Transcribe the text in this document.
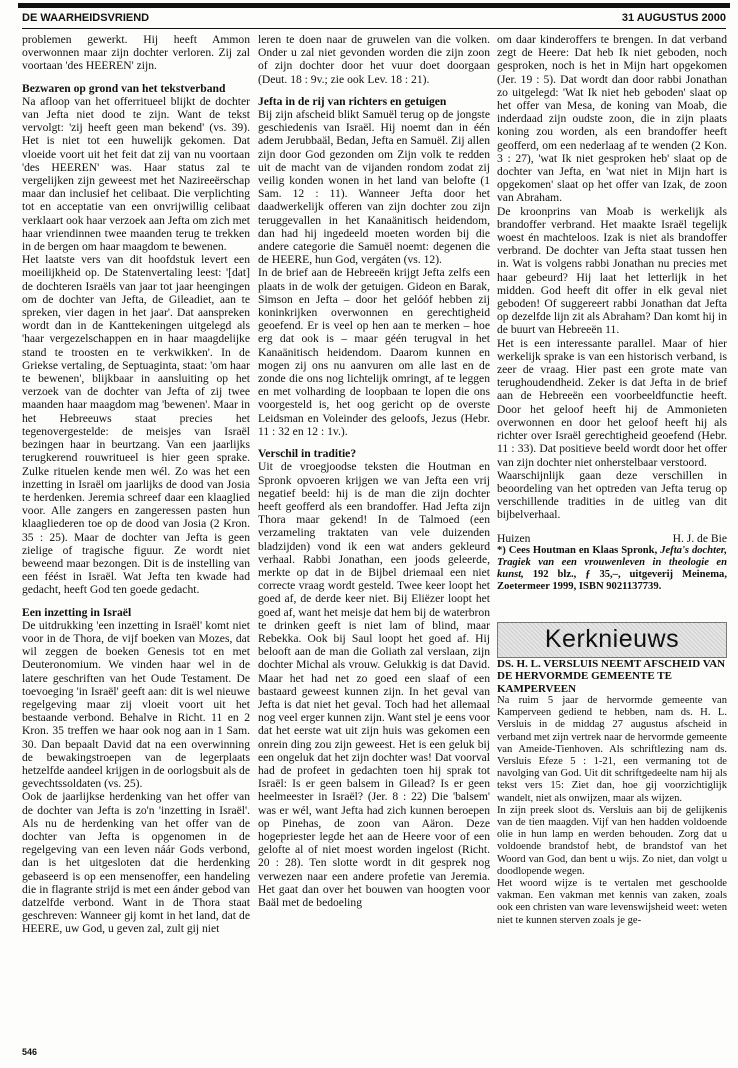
DE WAARHEIDSVRIEND	31 AUGUSTUS 2000

problemen gewerkt. Hij heeft Ammon overwonnen maar zijn dochter verloren. Zij zal voortaan 'des HEEREN' zijn.

Bezwaren op grond van het tekstverband

Na afloop van het offerritueel blijkt de dochter van Jefta niet dood te zijn. Want de tekst vervolgt: 'zij heeft geen man bekend' (vs. 39). Het is niet tot een huwelijk gekomen. Dat vloeide voort uit het feit dat zij van nu voortaan 'des HEEREN' was. Haar status zal te vergelijken zijn geweest met het Nazireeërschap maar dan inclusief het celibaat. Die verplichting tot en acceptatie van een onvrijwillig celibaat verklaart ook haar verzoek aan Jefta om zich met haar vriendinnen twee maanden terug te trekken in de bergen om haar maagdom te bewenen.

Het laatste vers van dit hoofdstuk levert een moeilijkheid op. De Statenvertaling leest: '[dat] de dochteren Israëls van jaar tot jaar heengingen om de dochter van Jefta, de Gileadiet, aan te spreken, vier dagen in het jaar'. Dat aanspreken wordt dan in de Kanttekeningen uitgelegd als 'haar vergezelschappen en in haar maagdelijke stand te troosten en te verkwikken'. In de Griekse vertaling, de Septuaginta, staat: 'om haar te bewenen', blijkbaar in aansluiting op het verzoek van de dochter van Jefta of zij twee maanden haar maagdom mag 'bewenen'. Maar in het Hebreeuws staat precies het tegenovergestelde: de meisjes van Israël bezingen haar in beurtzang. Van een jaarlijks terugkerend rouwritueel is hier geen sprake. Zulke rituelen kende men wél. Zo was het een inzetting in Israël om jaarlijks de dood van Josia te herdenken. Jeremia schreef daar een klaaglied voor. Alle zangers en zangeressen pasten hun klaagliederen toe op de dood van Josia (2 Kron. 35 : 25). Maar de dochter van Jefta is geen zielige of tragische figuur. Ze wordt niet beweend maar bezongen. Dit is de instelling van een féést in Israël. Wat Jefta ten kwade had gedacht, heeft God ten goede gedacht.

Een inzetting in Israël

De uitdrukking 'een inzetting in Israël' komt niet voor in de Thora, de vijf boeken van Mozes, dat wil zeggen de boeken Genesis tot en met Deuteronomium. We vinden haar wel in de latere geschriften van het Oude Testament. De toevoeging 'in Israël' geeft aan: dit is wel nieuwe regelgeving maar zij vloeit voort uit het bestaande verbond. Behalve in Richt. 11 en 2 Kron. 35 treffen we haar ook nog aan in 1 Sam. 30. Dan bepaalt David dat na een overwinning de bewakingstroepen van de legerplaats hetzelfde aandeel krijgen in de oorlogsbuit als de gevechtssoldaten (vs. 25).

Ook de jaarlijkse herdenking van het offer van de dochter van Jefta is zo'n 'inzetting in Israël'. Als nu de herdenking van het offer van de dochter van Jefta is opgenomen in de regelgeving van een leven náár Gods verbond, dan is het uitgesloten dat die herdenking gebaseerd is op een mensenoffer, een handeling die in flagrante strijd is met een ánder gebod van datzelfde verbond. Want in de Thora staat geschreven: Wanneer gij komt in het land, dat de HEERE, uw God, u geven zal, zult gij niet

leren te doen naar de gruwelen van die volken. Onder u zal niet gevonden worden die zijn zoon of zijn dochter door het vuur doet doorgaan (Deut. 18 : 9v.; zie ook Lev. 18 : 21).

Jefta in de rij van richters en getuigen

Bij zijn afscheid blikt Samuël terug op de jongste geschiedenis van Israël. Hij noemt dan in één adem Jerubbaäl, Bedan, Jefta en Samuël. Zij allen zijn door God gezonden om Zijn volk te redden uit de macht van de vijanden rondom zodat zij veilig konden wonen in het land van belofte (1 Sam. 12 : 11). Wanneer Jefta door het daadwerkelijk offeren van zijn dochter zou zijn teruggevallen in het Kanaänitisch heidendom, dan had hij ingedeeld moeten worden bij die andere categorie die Samuël noemt: degenen die de HEERE, hun God, vergáten (vs. 12).

In de brief aan de Hebreeën krijgt Jefta zelfs een plaats in de wolk der getuigen. Gideon en Barak, Simson en Jefta – door het gelóóf hebben zij koninkrijken overwonnen en gerechtigheid geoefend. Er is veel op hen aan te merken – hoe erg dat ook is – maar géén terugval in het Kanaänitisch heidendom. Daarom kunnen en mogen zij ons nu aanvuren om alle last en de zonde die ons nog lichtelijk omringt, af te leggen en met volharding de loopbaan te lopen die ons voorgesteld is, het oog gericht op de overste Leidsman en Voleinder des geloofs, Jezus (Hebr. 11 : 32 en 12 : 1v.).

Verschil in traditie?

Uit de vroegjoodse teksten die Houtman en Spronk opvoeren krijgen we van Jefta een vrij negatief beeld: hij is de man die zijn dochter heeft geofferd als een brandoffer. Had Jefta zijn Thora maar gekend! In de Talmoed (een verzameling traktaten van vele duizenden bladzijden) vond ik een wat anders gekleurd verhaal. Rabbi Jonathan, een joods geleerde, merkte op dat in de Bijbel driemaal een niet correcte vraag wordt gesteld. Twee keer loopt het goed af, de derde keer niet. Bij Eliëzer loopt het goed af, want het meisje dat hem bij de waterbron te drinken geeft is niet lam of blind, maar Rebekka. Ook bij Saul loopt het goed af. Hij belooft aan de man die Goliath zal verslaan, zijn dochter Michal als vrouw. Gelukkig is dat David. Maar het had net zo goed een slaaf of een bastaard geweest kunnen zijn. In het geval van Jefta is dat niet het geval. Toch had het allemaal nog veel erger kunnen zijn. Want stel je eens voor dat het eerste wat uit zijn huis was gekomen een onrein ding zou zijn geweest. Het is een geluk bij een ongeluk dat het zijn dochter was! Dat voorval had de profeet in gedachten toen hij sprak tot Israël: Is er geen balsem in Gilead? Is er geen heelmeester in Israël? (Jer. 8 : 22) Die 'balsem' was er wél, want Jefta had zich kunnen beroepen op Pinehas, de zoon van Aäron. Deze hogepriester legde het aan de Heere voor of een gelofte al of niet moest worden ingelost (Richt. 20 : 28). Ten slotte wordt in dit gesprek nog verwezen naar een andere profetie van Jeremia. Het gaat dan over het bouwen van hoogten voor Baäl met de bedoeling

om daar kinderoffers te brengen. In dat verband zegt de Heere: Dat heb Ik niet geboden, noch gesproken, noch is het in Mijn hart opgekomen (Jer. 19 : 5). Dat wordt dan door rabbi Jonathan zo uitgelegd: 'Wat Ik niet heb geboden' slaat op het offer van Mesa, de koning van Moab, die inderdaad zijn oudste zoon, die in zijn plaats koning zou worden, als een brandoffer heeft geofferd, om een nederlaag af te wenden (2 Kon. 3 : 27), 'wat Ik niet gesproken heb' slaat op de dochter van Jefta, en 'wat niet in Mijn hart is opgekomen' slaat op het offer van Izak, de zoon van Abraham.

De kroonprins van Moab is werkelijk als brandoffer verbrand. Het maakte Israël tegelijk woest én machteloos. Izak is niet als brandoffer verbrand. De dochter van Jefta staat tussen hen in. Wat is volgens rabbi Jonathan nu precies met haar gebeurd? Hij laat het letterlijk in het midden. God heeft dit offer in elk geval niet geboden! Of suggereert rabbi Jonathan dat Jefta op dezelfde lijn zit als Abraham? Dan komt hij in de buurt van Hebreeën 11.

Het is een interessante parallel. Maar of hier werkelijk sprake is van een historisch verband, is zeer de vraag. Hier past een grote mate van terughoudendheid. Zeker is dat Jefta in de brief aan de Hebreeën een voorbeeldfunctie heeft. Door het geloof heeft hij de Ammonieten overwonnen en door het geloof heeft hij als richter over Israël gerechtigheid geoefend (Hebr. 11 : 33). Dat positieve beeld wordt door het offer van zijn dochter niet onherstelbaar verstoord.

Waarschijnlijk gaan deze verschillen in beoordeling van het optreden van Jefta terug op verschillende tradities in de uitleg van dit bijbelverhaal.

Huizen	H. J. de Bie

*) Cees Houtman en Klaas Spronk, Jefta's dochter, Tragiek van een vrouwenleven in theologie en kunst, 192 blz., ƒ 35,–, uitgeverij Meinema, Zoetermeer 1999, ISBN 9021137739.

Kerknieuws

DS. H. L. VERSLUIS NEEMT AFSCHEID VAN DE HERVORMDE GEMEENTE TE KAMPERVEEN

Na ruim 5 jaar de hervormde gemeente van Kamperveen gediend te hebben, nam ds. H. L. Versluis in de middag 27 augustus afscheid in verband met zijn vertrek naar de hervormde gemeente van Ameide-Tienhoven. Als schriftlezing nam ds. Versluis Efeze 5 : 1-21, een vermaning tot de navolging van God. Uit dit schriftgedeelte nam hij als tekst vers 15: Ziet dan, hoe gij voorzichtiglijk wandelt, niet als onwijzen, maar als wijzen.

In zijn preek sloot ds. Versluis aan bij de gelijkenis van de tien maagden. Vijf van hen hadden voldoende olie in hun lamp en werden behouden. Zorg dat u voldoende brandstof hebt, de brandstof van het Woord van God, dan bent u wijs. Zo niet, dan volgt u doodlopende wegen.

Het woord wijze is te vertalen met geschoolde vakman. Een vakman met kennis van zaken, zoals ook een christen van ware levenswijsheid weet: weten niet te kunnen sterven zoals je ge-

546
